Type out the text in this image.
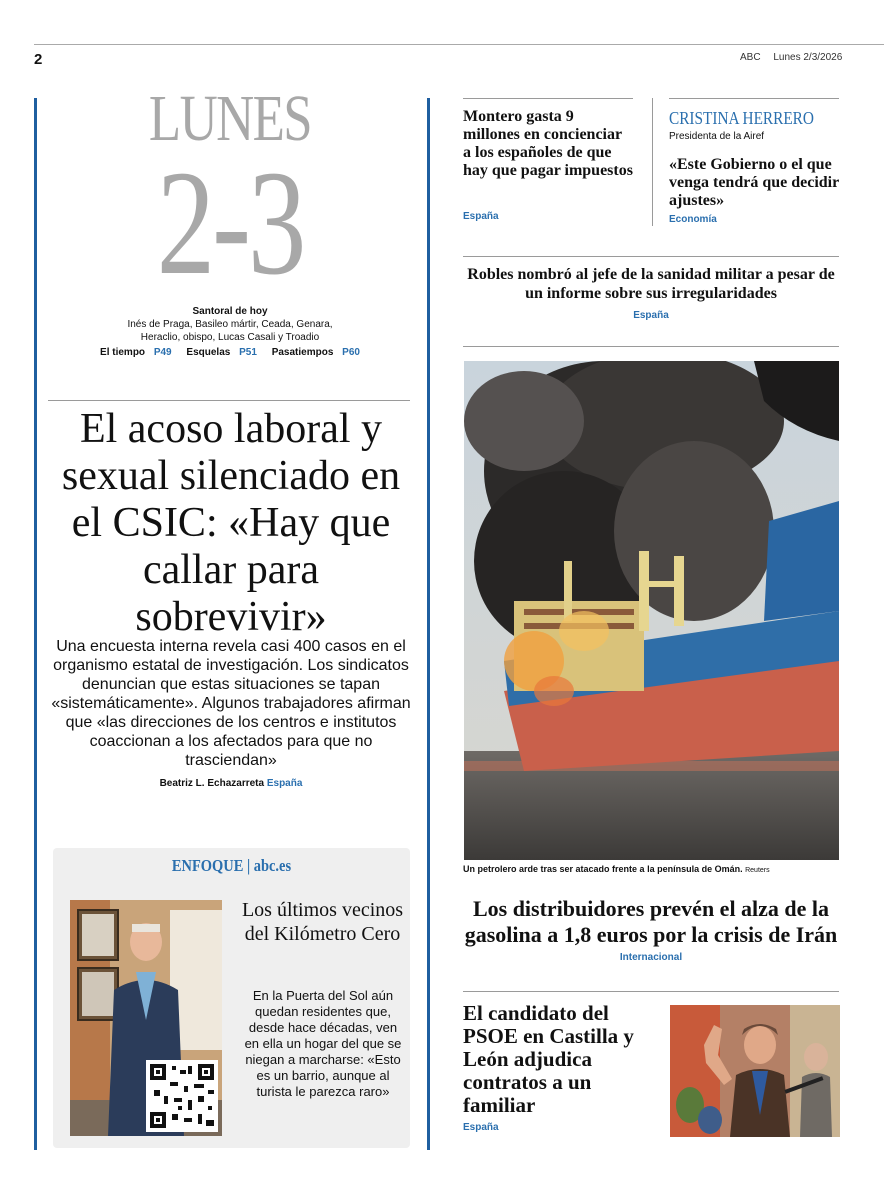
2	ABC Lunes 2/3/2026
LUNES
2-3
Santoral de hoy
Inés de Praga, Basileo mártir, Ceada, Genara, Heraclio, obispo, Lucas Casali y Troadio
El tiempo P49 Esquelas P51 Pasatiempos P60
El acoso laboral y sexual silenciado en el CSIC: «Hay que callar para sobrevivir»
Una encuesta interna revela casi 400 casos en el organismo estatal de investigación. Los sindicatos denuncian que estas situaciones se tapan «sistemáticamente». Algunos trabajadores afirman que «las direcciones de los centros e institutos coaccionan a los afectados para que no trasciendan»
Beatriz L. Echazarreta España
ENFOQUE | abc.es
Los últimos vecinos del Kilómetro Cero
En la Puerta del Sol aún quedan residentes que, desde hace décadas, ven en ella un hogar del que se niegan a marcharse: «Esto es un barrio, aunque al turista le parezca raro»
Montero gasta 9 millones en concienciar a los españoles de que hay que pagar impuestos
España
CRISTINA HERRERO
Presidenta de la Airef
«Este Gobierno o el que venga tendrá que decidir ajustes»
Economía
Robles nombró al jefe de la sanidad militar a pesar de un informe sobre sus irregularidades
España
Un petrolero arde tras ser atacado frente a la península de Omán. Reuters
Los distribuidores prevén el alza de la gasolina a 1,8 euros por la crisis de Irán
Internacional
El candidato del PSOE en Castilla y León adjudica contratos a un familiar
España
